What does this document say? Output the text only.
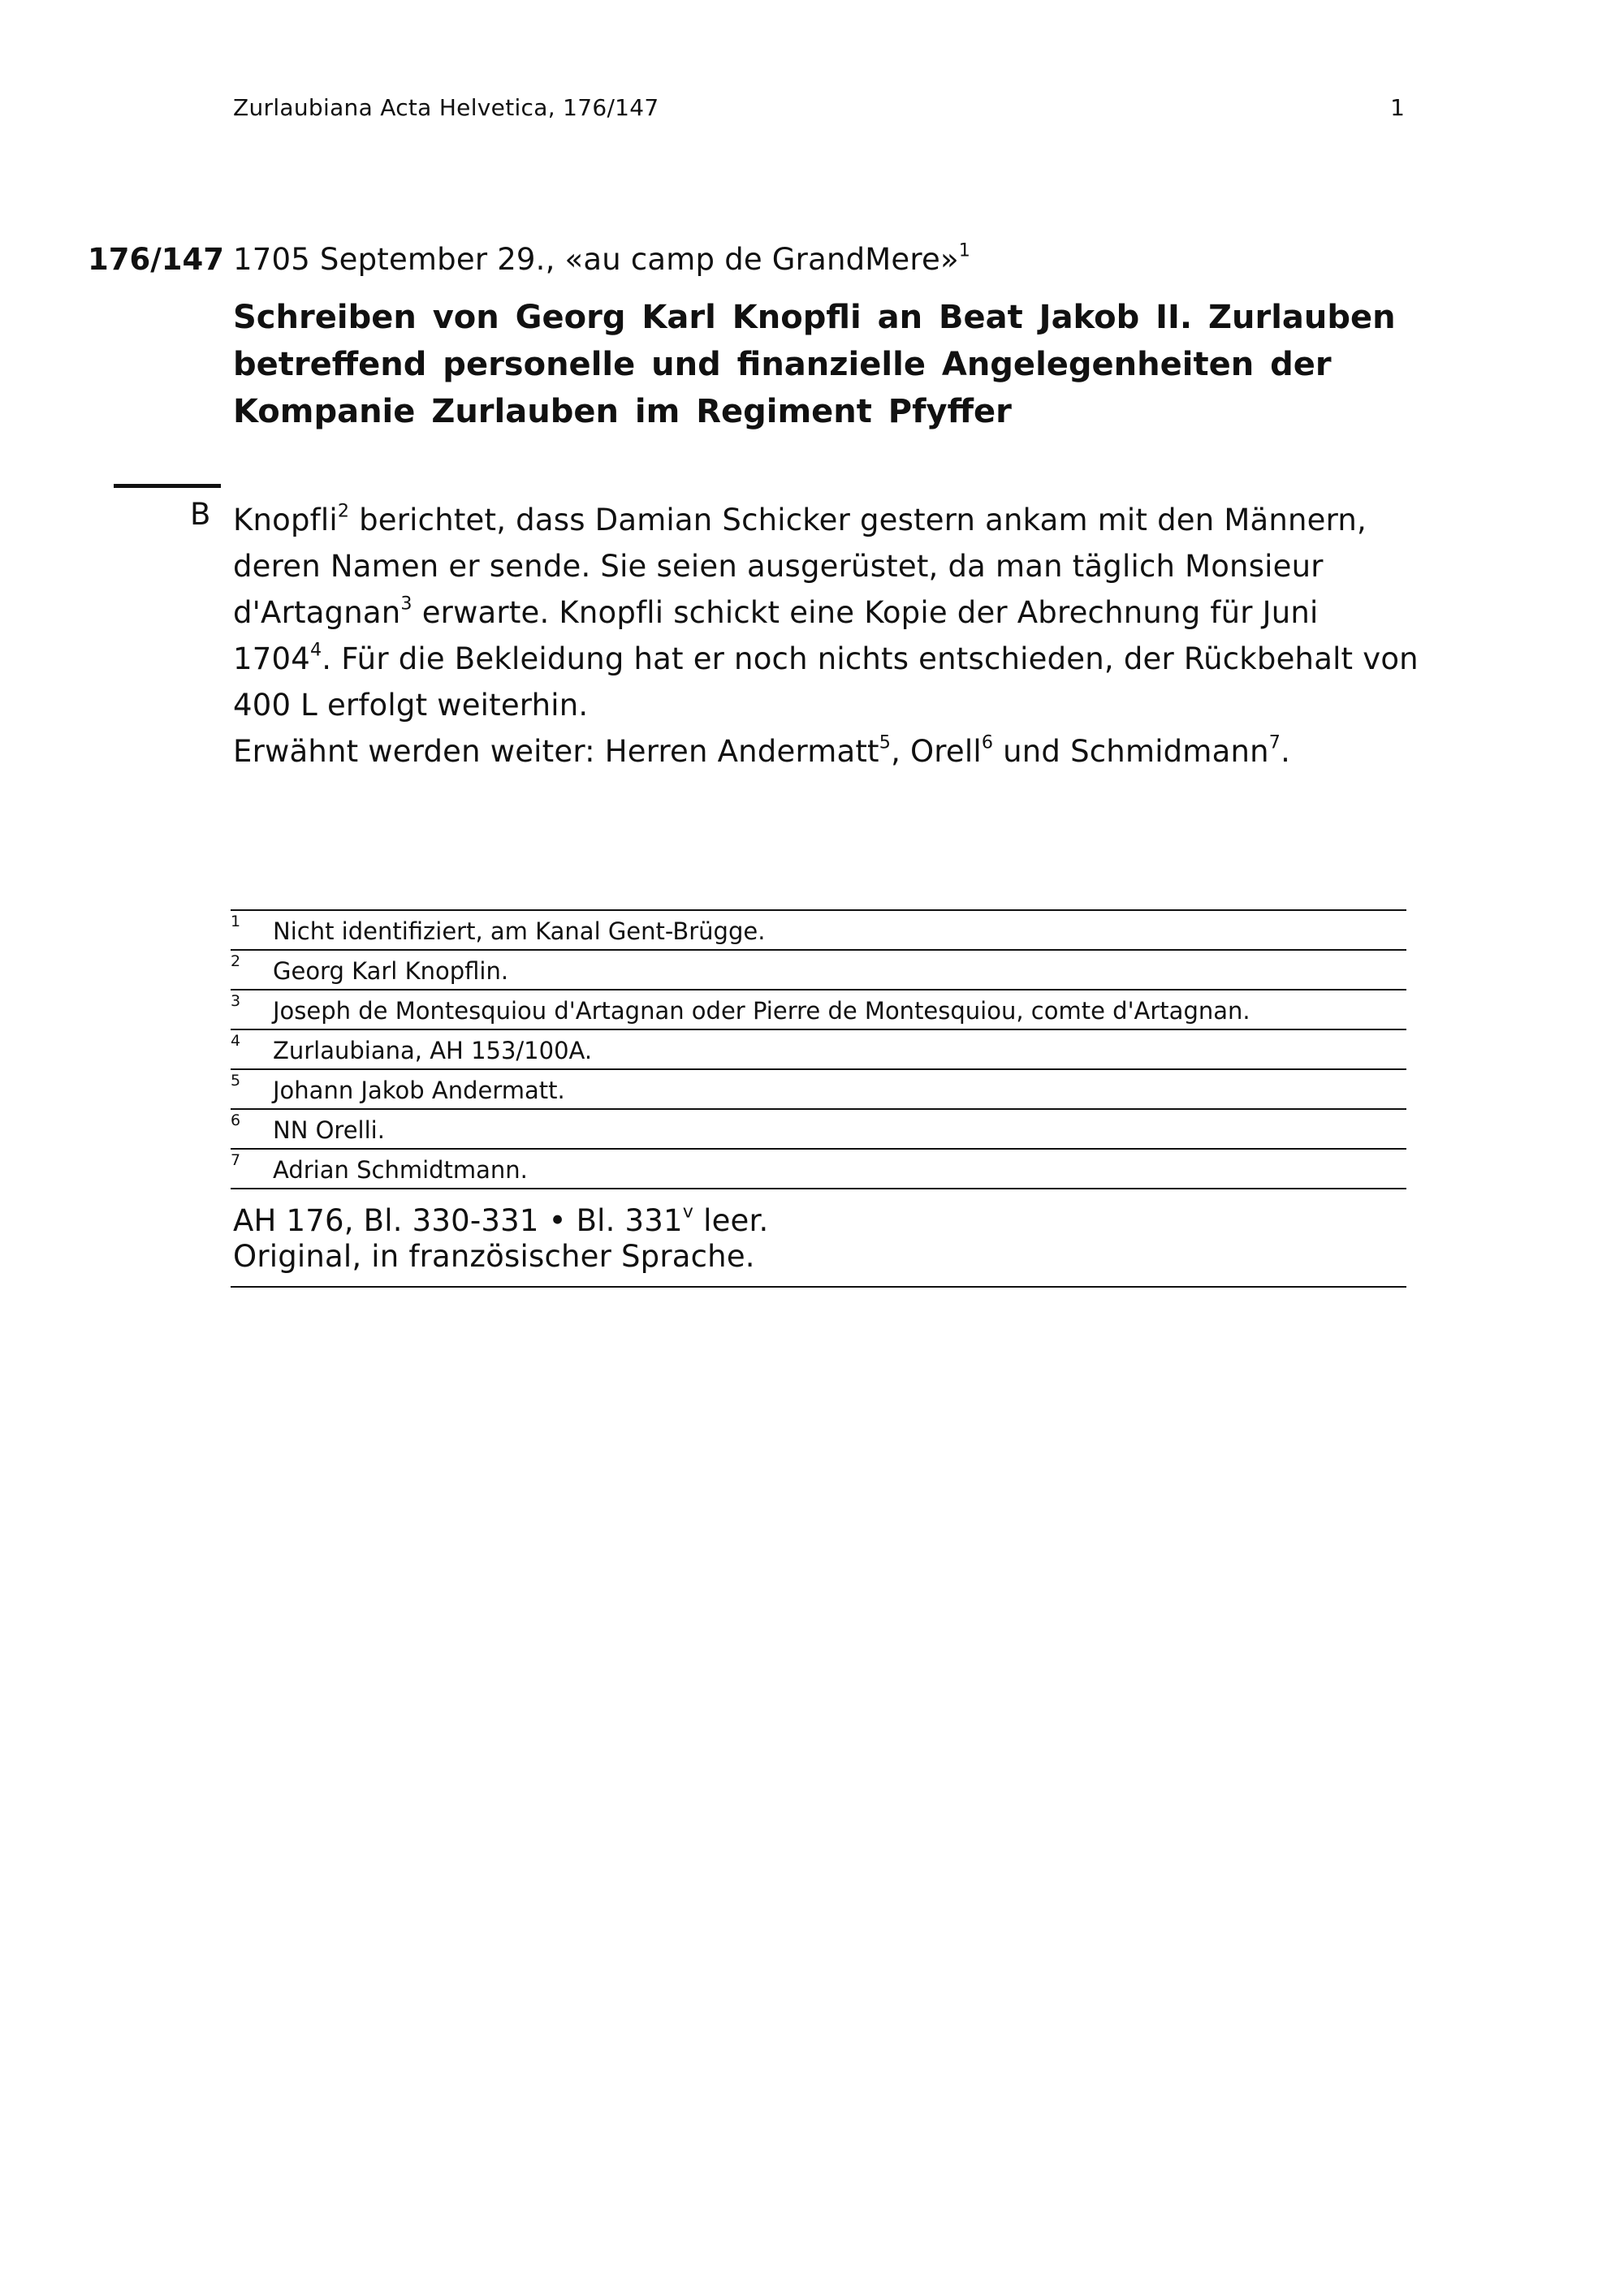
Zurlaubiana Acta Helvetica, 176/147	1
176/147 1705 September 29., «au camp de GrandMere»$^1$
Schreiben von Georg Karl Knopfli an Beat Jakob II. Zurlauben betreffend personelle und finanzielle Angelegenheiten der Kompanie Zurlauben im Regiment Pfyffer
B Knopfli$^2$ berichtet, dass Damian Schicker gestern ankam mit den Männern, deren Namen er sende. Sie seien ausgerüstet, da man täglich Monsieur d'Artagnan$^3$ erwarte. Knopfli schickt eine Kopie der Abrechnung für Juni 1704$^4$. Für die Bekleidung hat er noch nichts entschieden, der Rückbehalt von 400 L erfolgt weiterhin.

Erwähnt werden weiter: Herren Andermatt$^5$, Orell$^6$ und Schmidmann$^7$.

1 Nicht identifiziert, am Kanal Gent-Brügge.
2 Georg Karl Knopflin.
3 Joseph de Montesquiou d'Artagnan oder Pierre de Montesquiou, comte d'Artagnan.
4 Zurlaubiana, AH 153/100A.
5 Johann Jakob Andermatt.
6 NN Orelli.
7 Adrian Schmidtmann.

AH 176, Bl. 330-331 • Bl. 331$^v$ leer.

Original, in französischer Sprache.
